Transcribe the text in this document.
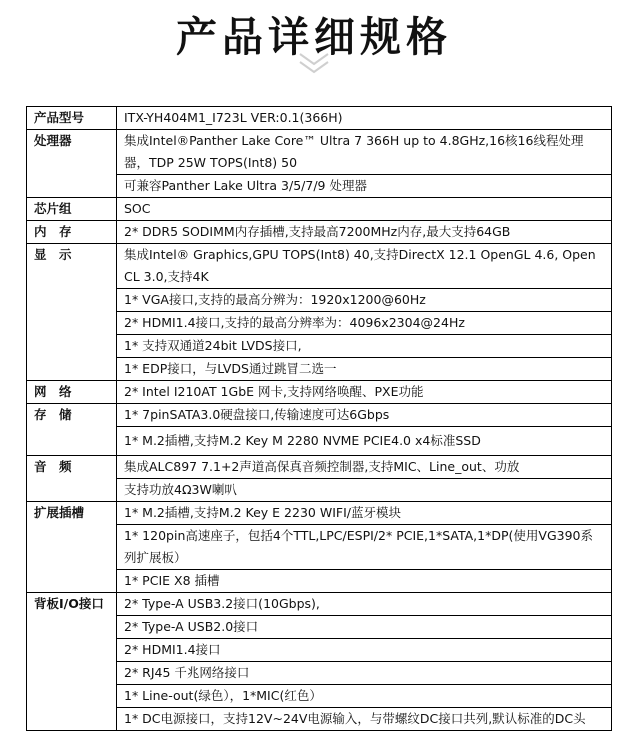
产品详细规格
产品型号	ITX-YH404M1_I723L VER:0.1(366H)
处理器	集成Intel®Panther Lake Core™ Ultra 7 366H up to 4.8GHz,16核16线程处理器，TDP 25W TOPS(Int8) 50
	可兼容Panther Lake Ultra 3/5/7/9 处理器
芯片组	SOC
内　存	2* DDR5 SODIMM内存插槽,支持最高7200MHz内存,最大支持64GB
显　示	集成Intel® Graphics,GPU TOPS(Int8) 40,支持DirectX 12.1 OpenGL 4.6, Open CL 3.0,支持4K
	1* VGA接口,支持的最高分辨为：1920x1200@60Hz
	2* HDMI1.4接口,支持的最高分辨率为：4096x2304@24Hz
	1* 支持双通道24bit LVDS接口,
	1* EDP接口，与LVDS通过跳冒二选一
网　络	2* Intel I210AT 1GbE 网卡,支持网络唤醒、PXE功能
存　储	1* 7pinSATA3.0硬盘接口,传输速度可达6Gbps
	1* M.2插槽,支持M.2 Key M 2280 NVME PCIE4.0 x4标准SSD
音　频	集成ALC897 7.1+2声道高保真音频控制器,支持MIC、Line_out、功放
	支持功放4Ω3W喇叭
扩展插槽	1* M.2插槽,支持M.2 Key E 2230 WIFI/蓝牙模块
	1* 120pin高速座子，包括4个TTL,LPC/ESPI/2* PCIE,1*SATA,1*DP(使用VG390系列扩展板）
	1* PCIE X8 插槽
背板I/O接口	2* Type-A USB3.2接口(10Gbps),
	2* Type-A USB2.0接口
	2* HDMI1.4接口
	2* RJ45 千兆网络接口
	1* Line-out(绿色），1*MIC(红色）
	1* DC电源接口，支持12V~24V电源输入，与带螺纹DC接口共列,默认标准的DC头
